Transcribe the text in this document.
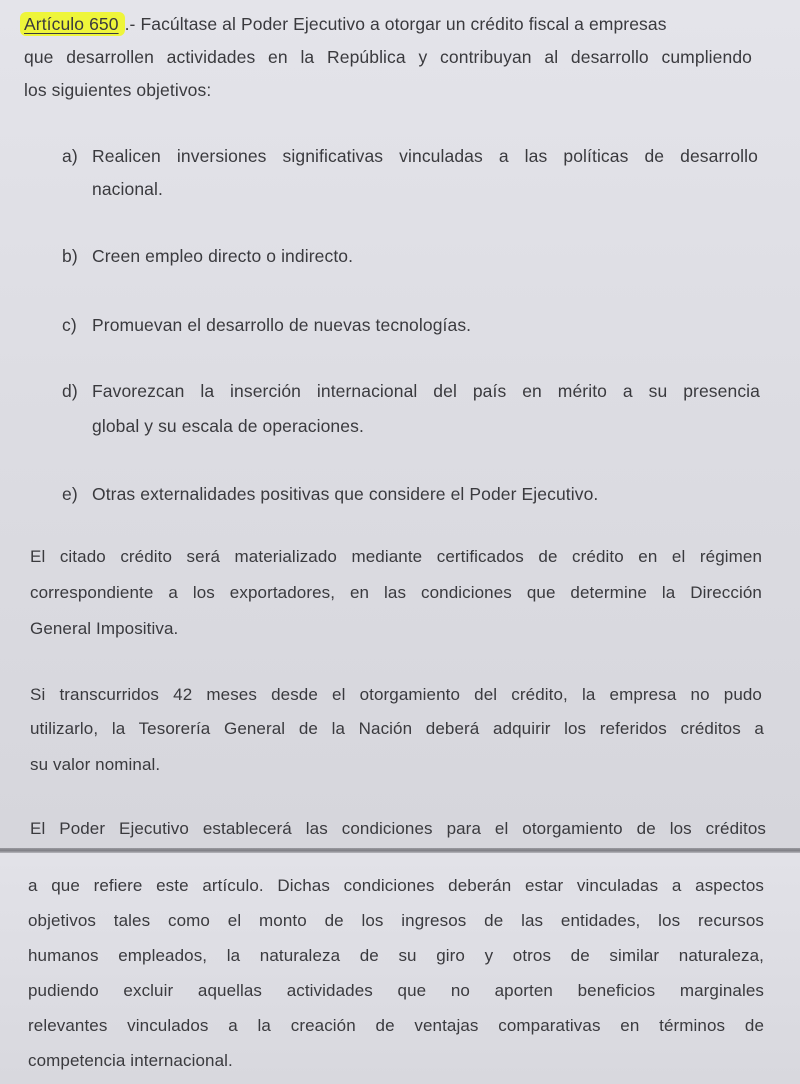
Artículo 650 .- Facúltase al Poder Ejecutivo a otorgar un crédito fiscal a empresas
que desarrollen actividades en la República y contribuyan al desarrollo cumpliendo
los siguientes objetivos:
a) Realicen inversiones significativas vinculadas a las políticas de desarrollo
nacional.
b) Creen empleo directo o indirecto.
c) Promuevan el desarrollo de nuevas tecnologías.
d) Favorezcan la inserción internacional del país en mérito a su presencia
global y su escala de operaciones.
e) Otras externalidades positivas que considere el Poder Ejecutivo.
El citado crédito será materializado mediante certificados de crédito en el régimen
correspondiente a los exportadores, en las condiciones que determine la Dirección
General Impositiva.
Si transcurridos 42 meses desde el otorgamiento del crédito, la empresa no pudo
utilizarlo, la Tesorería General de la Nación deberá adquirir los referidos créditos a
su valor nominal.
El Poder Ejecutivo establecerá las condiciones para el otorgamiento de los créditos
a que refiere este artículo. Dichas condiciones deberán estar vinculadas a aspectos
objetivos tales como el monto de los ingresos de las entidades, los recursos
humanos empleados, la naturaleza de su giro y otros de similar naturaleza,
pudiendo excluir aquellas actividades que no aporten beneficios marginales
relevantes vinculados a la creación de ventajas comparativas en términos de
competencia internacional.
